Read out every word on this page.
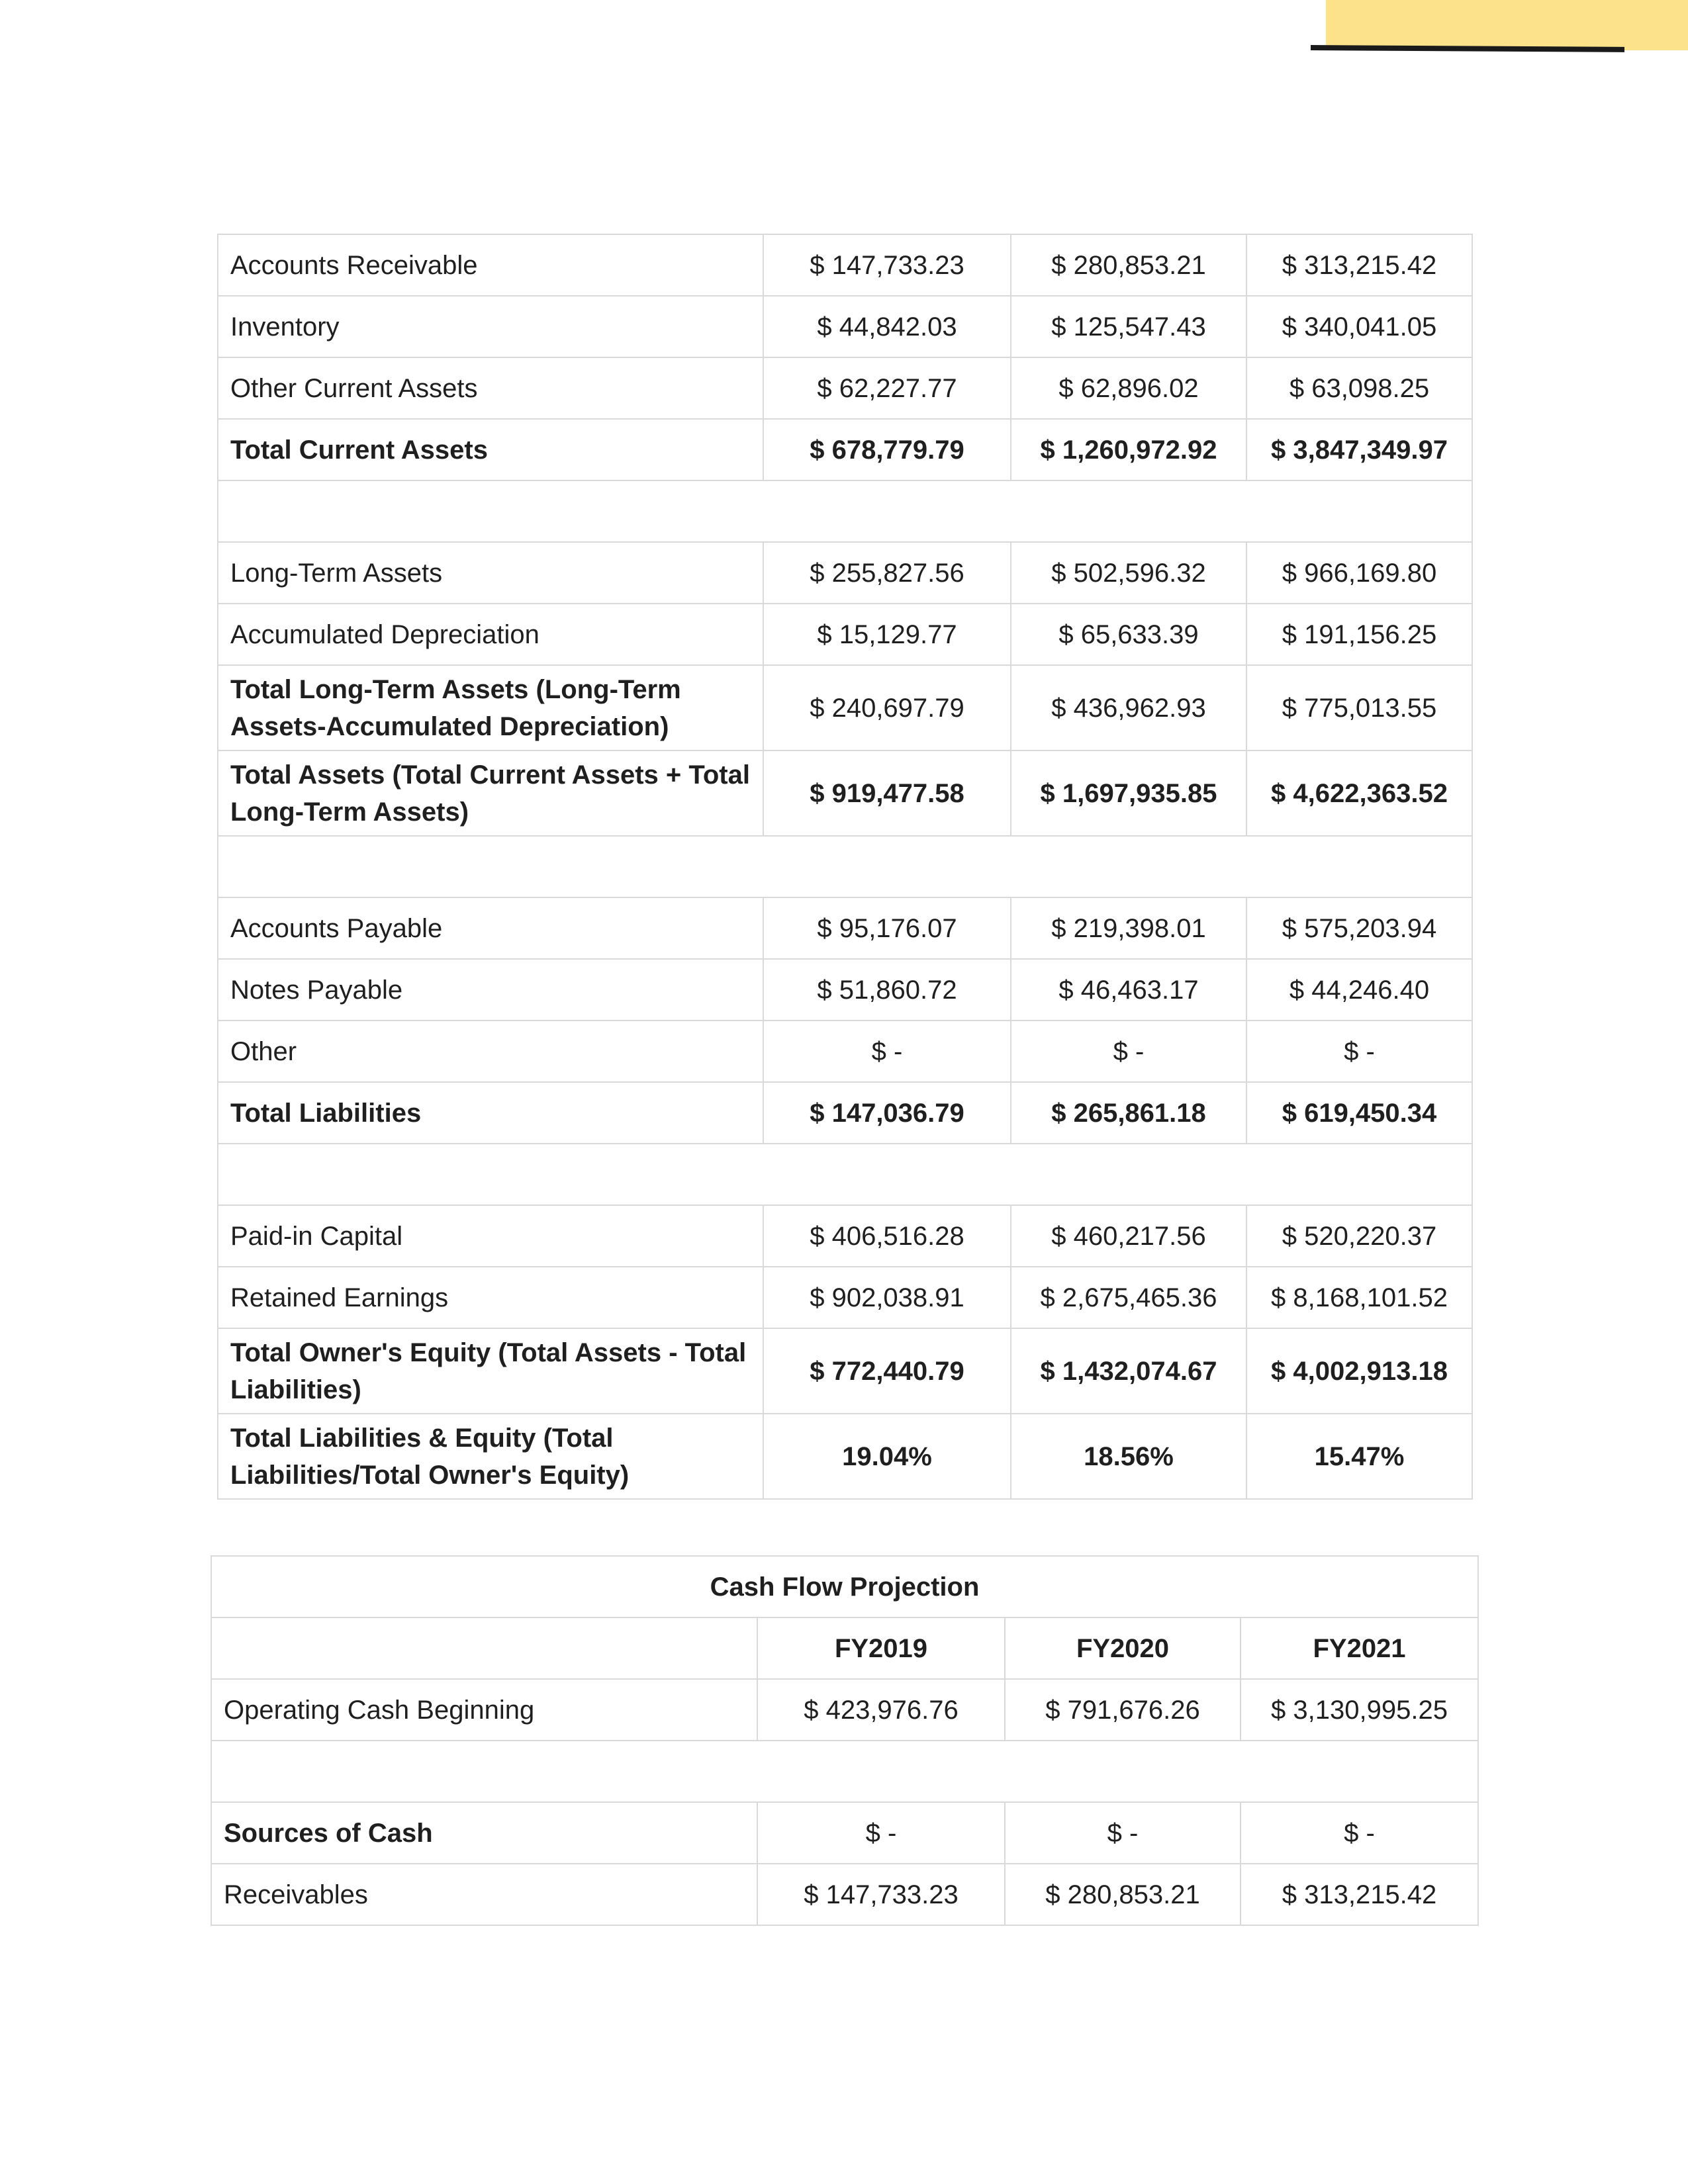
Accounts Receivable	$ 147,733.23	$ 280,853.21	$ 313,215.42
Inventory	$ 44,842.03	$ 125,547.43	$ 340,041.05
Other Current Assets	$ 62,227.77	$ 62,896.02	$ 63,098.25
Total Current Assets	$ 678,779.79	$ 1,260,972.92	$ 3,847,349.97

Long-Term Assets	$ 255,827.56	$ 502,596.32	$ 966,169.80
Accumulated Depreciation	$ 15,129.77	$ 65,633.39	$ 191,156.25
Total Long-Term Assets (Long-Term Assets-Accumulated Depreciation)	$ 240,697.79	$ 436,962.93	$ 775,013.55
Total Assets (Total Current Assets + Total Long-Term Assets)	$ 919,477.58	$ 1,697,935.85	$ 4,622,363.52

Accounts Payable	$ 95,176.07	$ 219,398.01	$ 575,203.94
Notes Payable	$ 51,860.72	$ 46,463.17	$ 44,246.40
Other	$ -	$ -	$ -
Total Liabilities	$ 147,036.79	$ 265,861.18	$ 619,450.34

Paid-in Capital	$ 406,516.28	$ 460,217.56	$ 520,220.37
Retained Earnings	$ 902,038.91	$ 2,675,465.36	$ 8,168,101.52
Total Owner's Equity (Total Assets - Total Liabilities)	$ 772,440.79	$ 1,432,074.67	$ 4,002,913.18
Total Liabilities & Equity (Total Liabilities/Total Owner's Equity)	19.04%	18.56%	15.47%
Cash Flow Projection			
	FY2019	FY2020	FY2021
Operating Cash Beginning	$ 423,976.76	$ 791,676.26	$ 3,130,995.25

Sources of Cash	$ -	$ -	$ -
Receivables	$ 147,733.23	$ 280,853.21	$ 313,215.42
